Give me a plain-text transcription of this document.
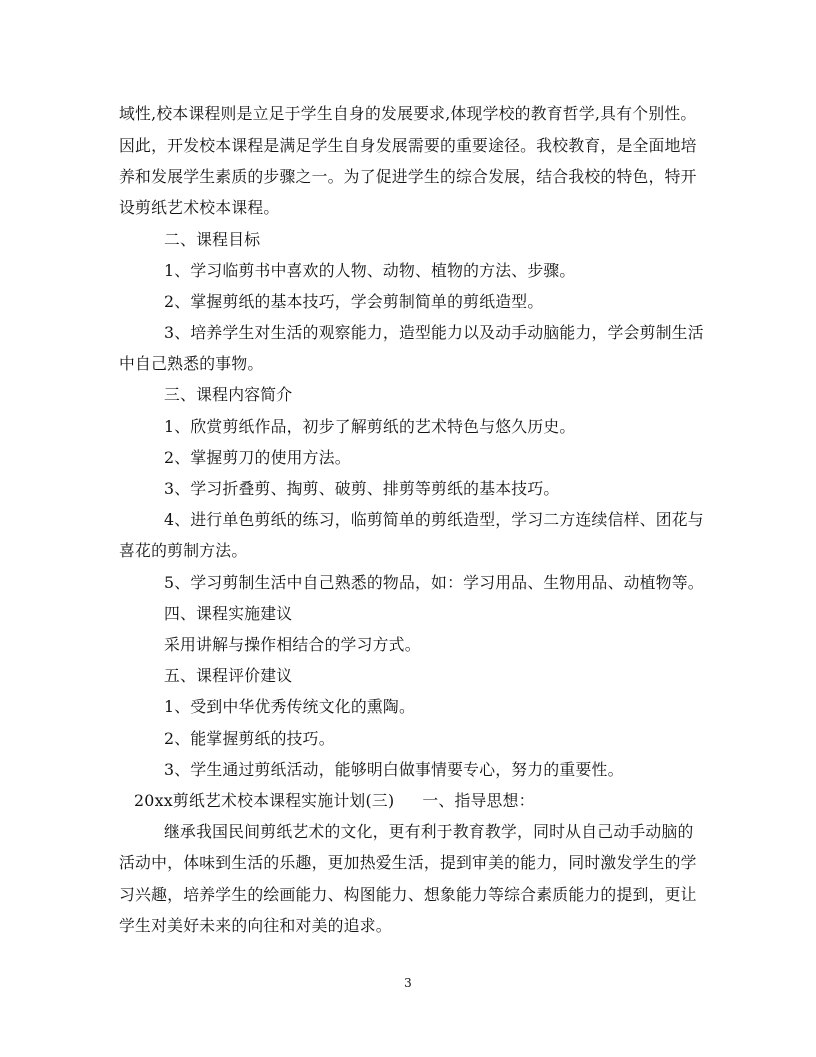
域性,校本课程则是立足于学生自身的发展要求,体现学校的教育哲学,具有个别性。
因此，开发校本课程是满足学生自身发展需要的重要途径。我校教育，是全面地培
养和发展学生素质的步骤之一。为了促进学生的综合发展，结合我校的特色，特开
设剪纸艺术校本课程。
二、课程目标
1、学习临剪书中喜欢的人物、动物、植物的方法、步骤。
2、掌握剪纸的基本技巧，学会剪制简单的剪纸造型。
3、培养学生对生活的观察能力，造型能力以及动手动脑能力，学会剪制生活
中自己熟悉的事物。
三、课程内容简介
1、欣赏剪纸作品，初步了解剪纸的艺术特色与悠久历史。
2、掌握剪刀的使用方法。
3、学习折叠剪、掏剪、破剪、排剪等剪纸的基本技巧。
4、进行单色剪纸的练习，临剪简单的剪纸造型，学习二方连续信样、团花与
喜花的剪制方法。
5、学习剪制生活中自己熟悉的物品，如：学习用品、生物用品、动植物等。
四、课程实施建议
采用讲解与操作相结合的学习方式。
五、课程评价建议
1、受到中华优秀传统文化的熏陶。
2、能掌握剪纸的技巧。
3、学生通过剪纸活动，能够明白做事情要专心，努力的重要性。
20xx剪纸艺术校本课程实施计划(三) 一、指导思想：
继承我国民间剪纸艺术的文化，更有利于教育教学，同时从自己动手动脑的
活动中，体味到生活的乐趣，更加热爱生活，提到审美的能力，同时激发学生的学
习兴趣，培养学生的绘画能力、构图能力、想象能力等综合素质能力的提到，更让
学生对美好未来的向往和对美的追求。
3
